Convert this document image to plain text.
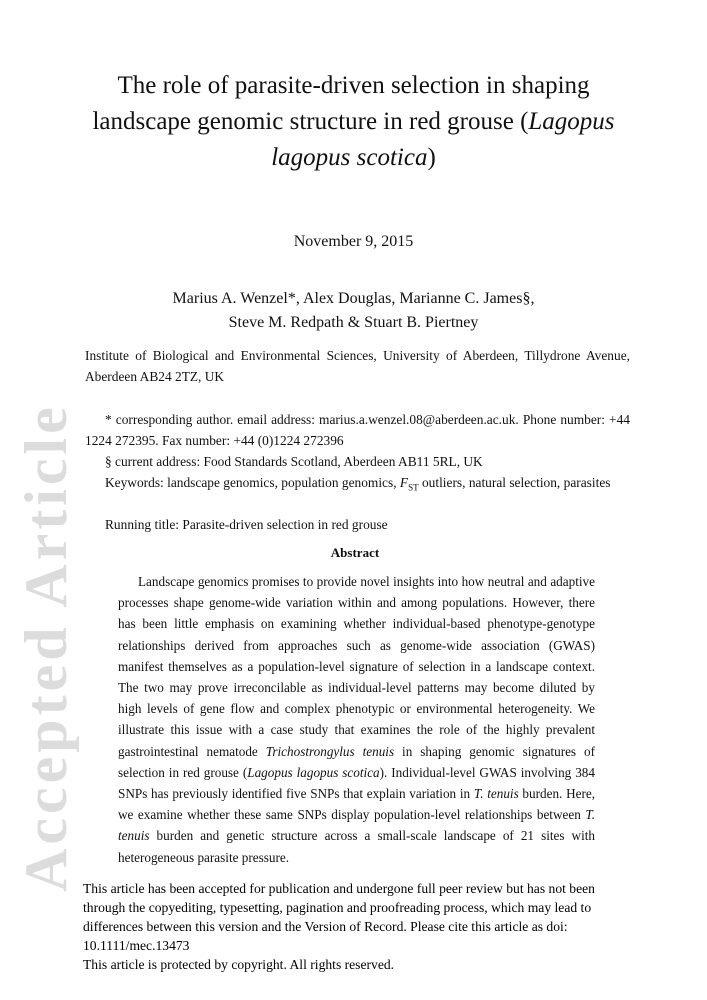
Accepted Article
The role of parasite-driven selection in shaping
landscape genomic structure in red grouse (Lagopus
lagopus scotica)
November 9, 2015
Marius A. Wenzel*, Alex Douglas, Marianne C. James§,
Steve M. Redpath & Stuart B. Piertney
Institute of Biological and Environmental Sciences, University of Aberdeen, Tillydrone Avenue, Aberdeen AB24 2TZ, UK
* corresponding author. email address: marius.a.wenzel.08@aberdeen.ac.uk. Phone number: +44 1224 272395. Fax number: +44 (0)1224 272396
§ current address: Food Standards Scotland, Aberdeen AB11 5RL, UK
Keywords: landscape genomics, population genomics, $F_{ST}$ outliers, natural selection, parasites
Running title: Parasite-driven selection in red grouse
Abstract

Landscape genomics promises to provide novel insights into how neutral and adaptive processes shape genome-wide variation within and among populations. However, there has been little emphasis on examining whether individual-based phenotype-genotype relationships derived from approaches such as genome-wide association (GWAS) manifest themselves as a population-level signature of selection in a landscape context. The two may prove irreconcilable as individual-level patterns may become diluted by high levels of gene flow and complex phenotypic or environmental heterogeneity. We illustrate this issue with a case study that examines the role of the highly prevalent gastrointestinal nematode Trichostrongylus tenuis in shaping genomic signatures of selection in red grouse (Lagopus lagopus scotica). Individual-level GWAS involving 384 SNPs has previously identified five SNPs that explain variation in T. tenuis burden. Here, we examine whether these same SNPs display population-level relationships between T. tenuis burden and genetic structure across a small-scale landscape of 21 sites with heterogeneous parasite pressure.

This article has been accepted for publication and undergone full peer review but has not been through the copyediting, typesetting, pagination and proofreading process, which may lead to differences between this version and the Version of Record. Please cite this article as doi:
10.1111/mec.13473
This article is protected by copyright. All rights reserved.
